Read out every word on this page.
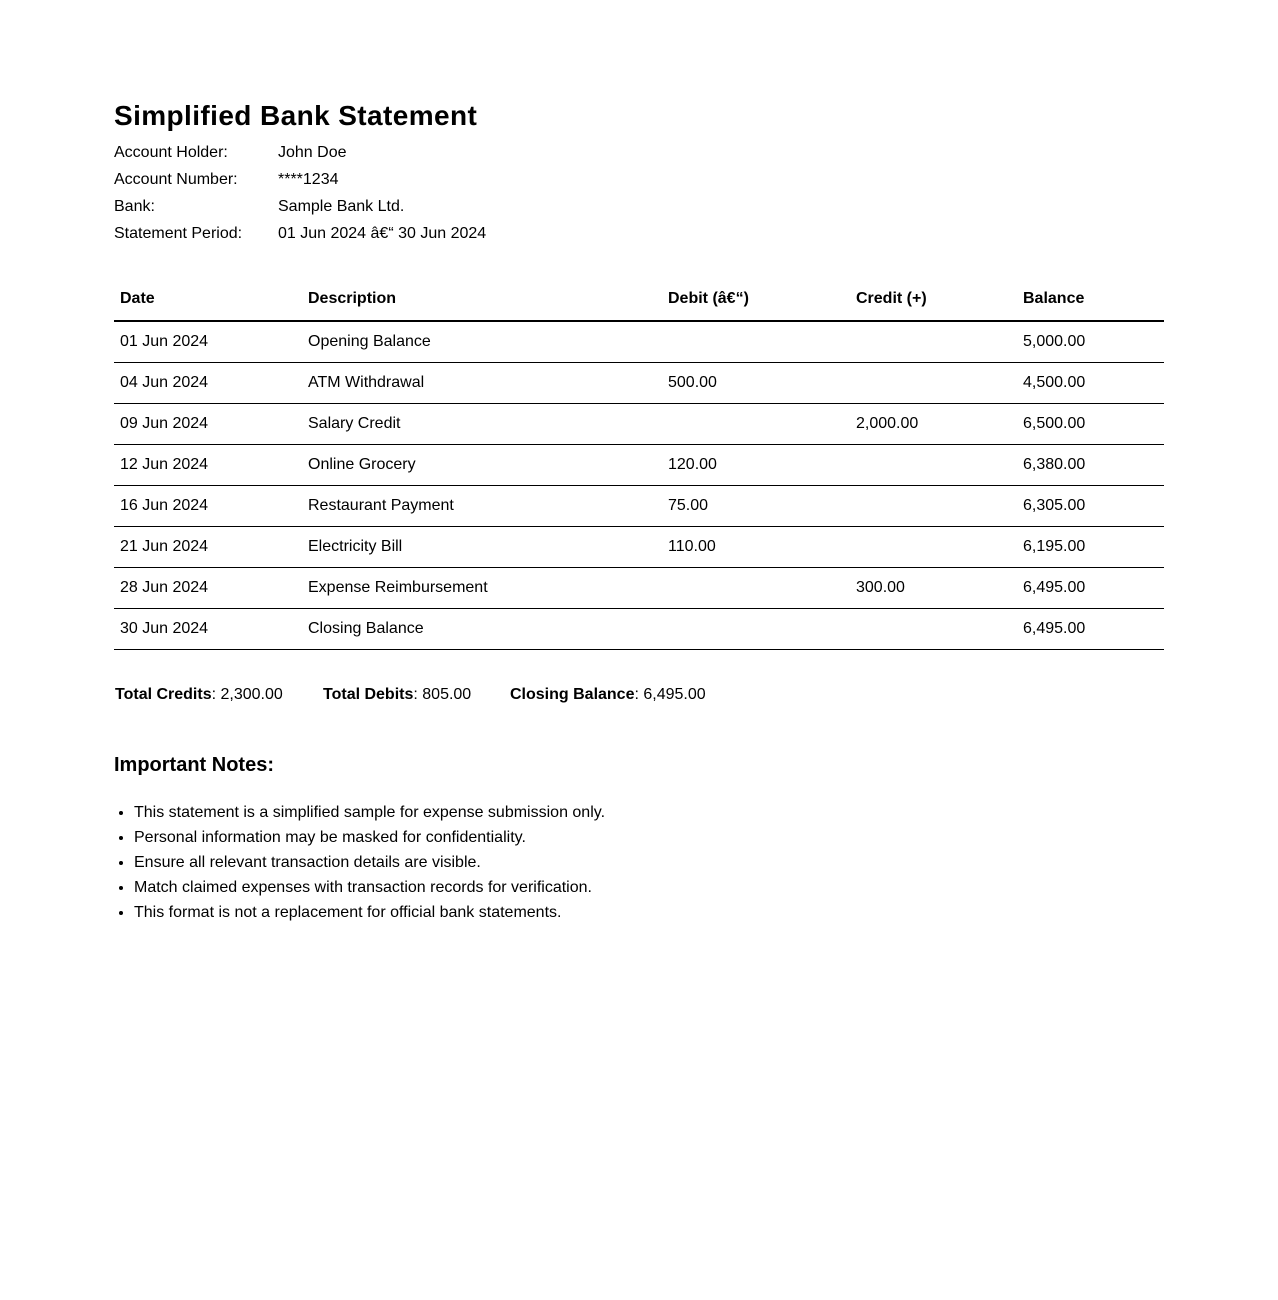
Simplified Bank Statement
Account Holder:	John Doe
Account Number:	****1234
Bank:	Sample Bank Ltd.
Statement Period:	01 Jun 2024 â€“ 30 Jun 2024
Date	Description	Debit (â€“)	Credit (+)	Balance
01 Jun 2024	Opening Balance			5,000.00
04 Jun 2024	ATM Withdrawal	500.00		4,500.00
09 Jun 2024	Salary Credit		2,000.00	6,500.00
12 Jun 2024	Online Grocery	120.00		6,380.00
16 Jun 2024	Restaurant Payment	75.00		6,305.00
21 Jun 2024	Electricity Bill	110.00		6,195.00
28 Jun 2024	Expense Reimbursement		300.00	6,495.00
30 Jun 2024	Closing Balance			6,495.00
Total Credits : 2,300.00	Total Debits : 805.00 Closing Balance : 6,495.00
Important Notes:
• This statement is a simplified sample for expense submission only.
• Personal information may be masked for confidentiality.
• Ensure all relevant transaction details are visible.
• Match claimed expenses with transaction records for verification.
• This format is not a replacement for official bank statements.
